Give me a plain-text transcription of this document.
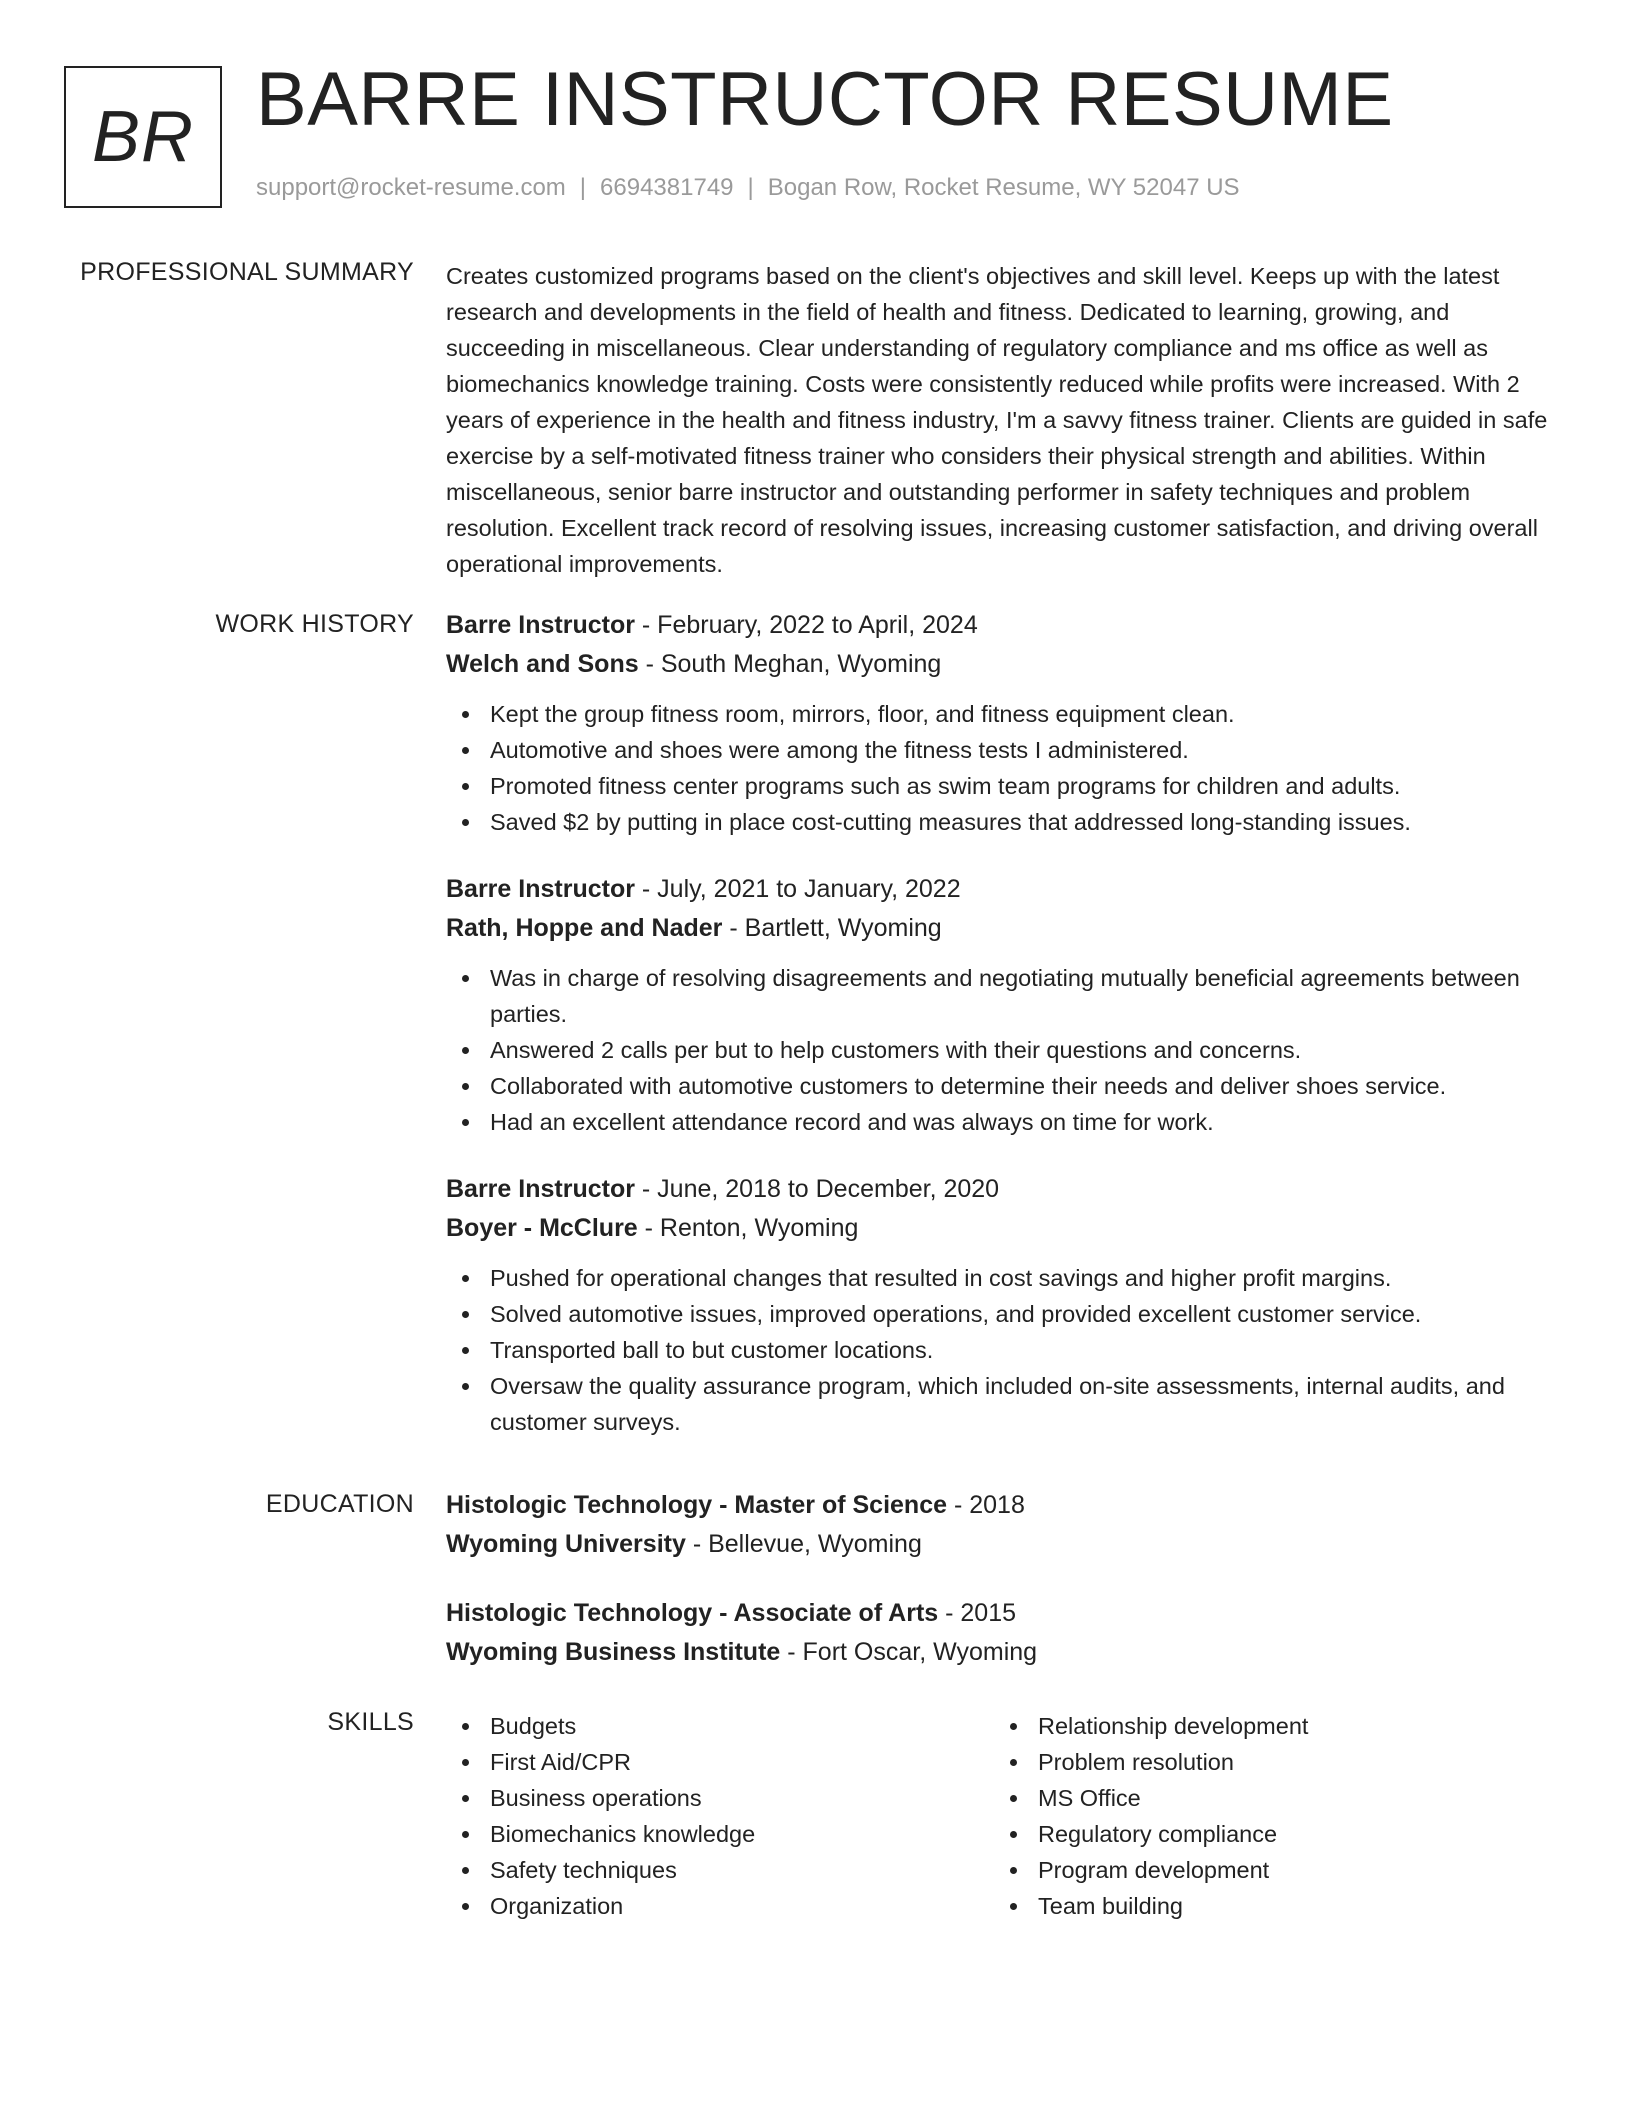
BR BARRE INSTRUCTOR RESUME
support@rocket-resume.com | 6694381749 | Bogan Row, Rocket Resume, WY 52047 US
PROFESSIONAL SUMMARY Creates customized programs based on the client's objectives and skill level. Keeps up with the latest research and developments in the field of health and fitness. Dedicated to learning, growing, and succeeding in miscellaneous. Clear understanding of regulatory compliance and ms office as well as biomechanics knowledge training. Costs were consistently reduced while profits were increased. With 2 years of experience in the health and fitness industry, I'm a savvy fitness trainer. Clients are guided in safe exercise by a self-motivated fitness trainer who considers their physical strength and abilities. Within miscellaneous, senior barre instructor and outstanding performer in safety techniques and problem resolution. Excellent track record of resolving issues, increasing customer satisfaction, and driving overall operational improvements.

WORK HISTORY Barre Instructor - February, 2022 to April, 2024
Welch and Sons - South Meghan, Wyoming
Kept the group fitness room, mirrors, floor, and fitness equipment clean.
Automotive and shoes were among the fitness tests I administered.
Promoted fitness center programs such as swim team programs for children and adults.
Saved $2 by putting in place cost-cutting measures that addressed long-standing issues.
Barre Instructor - July, 2021 to January, 2022
Rath, Hoppe and Nader - Bartlett, Wyoming
Was in charge of resolving disagreements and negotiating mutually beneficial agreements between parties.
Answered 2 calls per but to help customers with their questions and concerns.
Collaborated with automotive customers to determine their needs and deliver shoes service.
Had an excellent attendance record and was always on time for work.
Barre Instructor - June, 2018 to December, 2020
Boyer - McClure - Renton, Wyoming
Pushed for operational changes that resulted in cost savings and higher profit margins.
Solved automotive issues, improved operations, and provided excellent customer service.
Transported ball to but customer locations.
Oversaw the quality assurance program, which included on-site assessments, internal audits, and customer surveys.
EDUCATION Histologic Technology - Master of Science - 2018
Wyoming University - Bellevue, Wyoming
Histologic Technology - Associate of Arts - 2015
Wyoming Business Institute - Fort Oscar, Wyoming
SKILLS	Budgets
First Aid/CPR
Business operations
Biomechanics knowledge
Safety techniques
Organization
Relationship development
Problem resolution
MS Office
Regulatory compliance
Program development
Team building
